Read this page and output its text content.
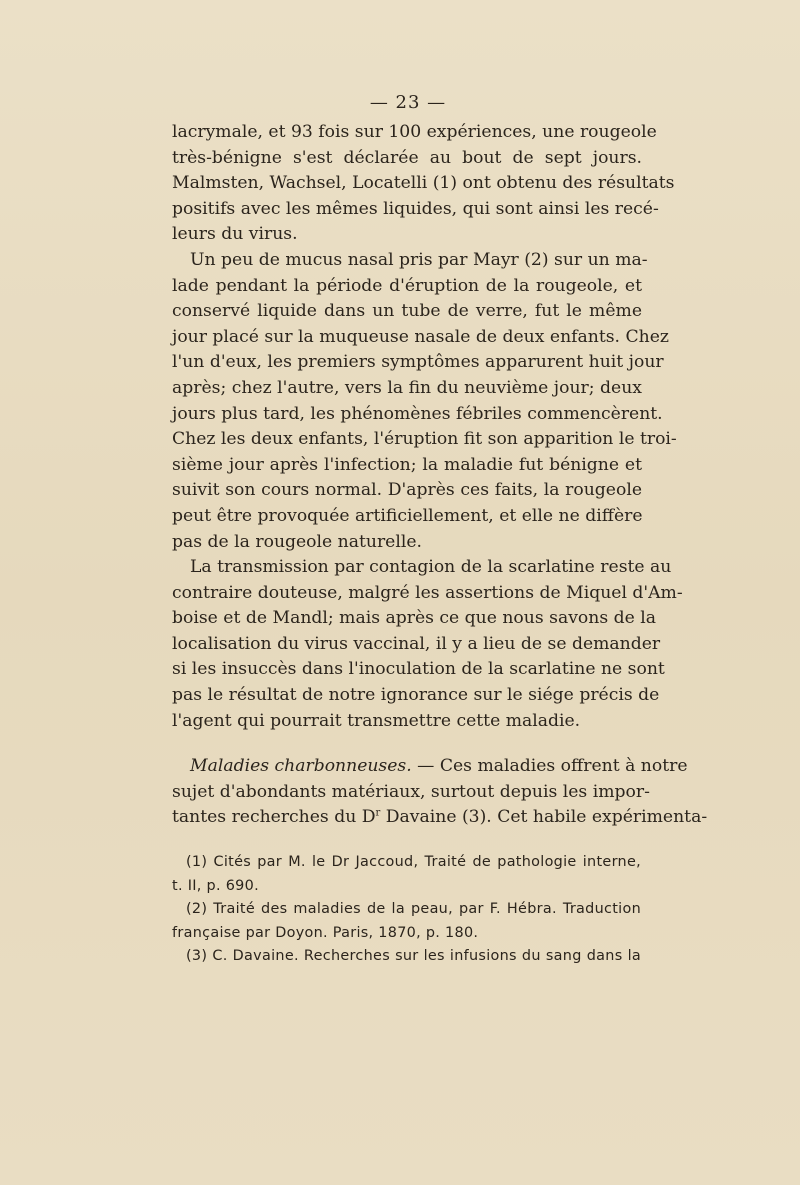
— 23 —

lacrymale, et 93 fois sur 100 expériences, une rougeole
très-bénigne s'est déclarée au bout de sept jours.
Malmsten, Wachsel, Locatelli (1) ont obtenu des résultats
positifs avec les mêmes liquides, qui sont ainsi les recé-
leurs du virus.

Un peu de mucus nasal pris par Mayr (2) sur un ma-
lade pendant la période d'éruption de la rougeole, et
conservé liquide dans un tube de verre, fut le même
jour placé sur la muqueuse nasale de deux enfants. Chez
l'un d'eux, les premiers symptômes apparurent huit jour
après; chez l'autre, vers la fin du neuvième jour; deux
jours plus tard, les phénomènes fébriles commencèrent.
Chez les deux enfants, l'éruption fit son apparition le troi-
sième jour après l'infection; la maladie fut bénigne et
suivit son cours normal. D'après ces faits, la rougeole
peut être provoquée artificiellement, et elle ne diffère
pas de la rougeole naturelle.

La transmission par contagion de la scarlatine reste au
contraire douteuse, malgré les assertions de Miquel d'Am-
boise et de Mandl; mais après ce que nous savons de la
localisation du virus vaccinal, il y a lieu de se demander
si les insuccès dans l'inoculation de la scarlatine ne sont
pas le résultat de notre ignorance sur le siége précis de
l'agent qui pourrait transmettre cette maladie.

Maladies charbonneuses. — Ces maladies offrent à notre
sujet d'abondants matériaux, surtout depuis les impor-
tantes recherches du $D^r$ Davaine (3). Cet habile expérimenta-

(1) Cités par M. le Dr Jaccoud, Traité de pathologie interne,
t. II, p. 690.
(2) Traité des maladies de la peau, par F. Hébra. Traduction
française par Doyon. Paris, 1870, p. 180.
(3) C. Davaine. Recherches sur les infusions du sang dans la
